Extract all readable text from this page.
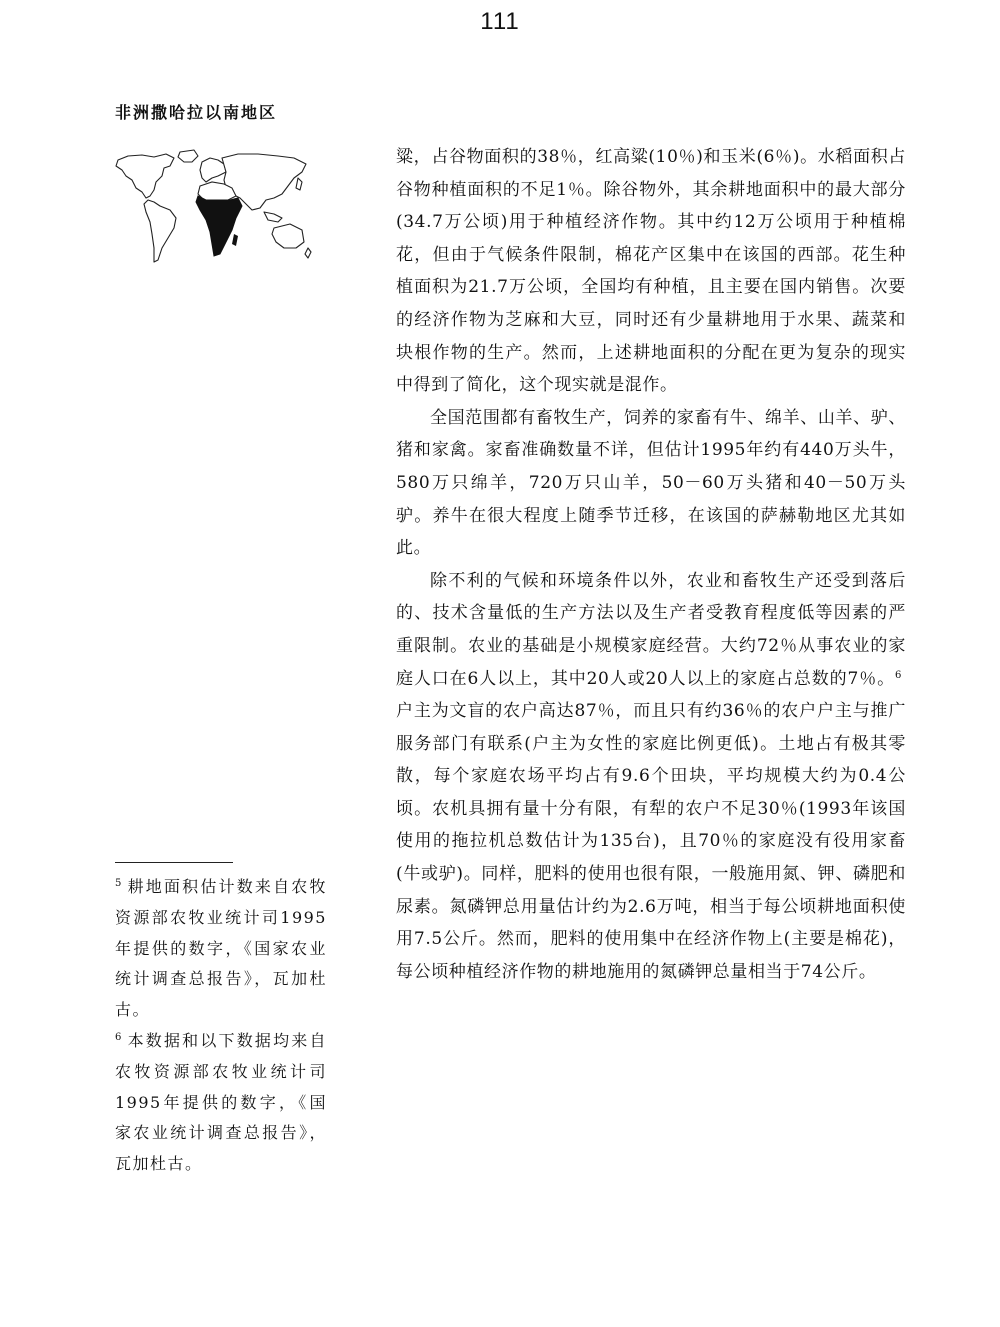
111
非洲撒哈拉以南地区

粱，占谷物面积的38％，红高粱(10％)和玉米(6％)。水稻面积占谷物种植面积的不足1％。除谷物外，其余耕地面积中的最大部分(34.7万公顷)用于种植经济作物。其中约12万公顷用于种植棉花，但由于气候条件限制，棉花产区集中在该国的西部。花生种植面积为21.7万公顷，全国均有种植，且主要在国内销售。次要的经济作物为芝麻和大豆，同时还有少量耕地用于水果、蔬菜和块根作物的生产。然而，上述耕地面积的分配在更为复杂的现实中得到了简化，这个现实就是混作。

全国范围都有畜牧生产，饲养的家畜有牛、绵羊、山羊、驴、猪和家禽。家畜准确数量不详，但估计1995年约有440万头牛，580万只绵羊，720万只山羊，50－60万头猪和40－50万头驴。养牛在很大程度上随季节迁移，在该国的萨赫勒地区尤其如此。

除不利的气候和环境条件以外，农业和畜牧生产还受到落后的、技术含量低的生产方法以及生产者受教育程度低等因素的严重限制。农业的基础是小规模家庭经营。大约72％从事农业的家庭人口在6人以上，其中20人或20人以上的家庭占总数的7％。$^6$户主为文盲的农户高达87％，而且只有约36％的农户户主与推广服务部门有联系(户主为女性的家庭比例更低)。土地占有极其零散，每个家庭农场平均占有9.6个田块，平均规模大约为0.4公顷。农机具拥有量十分有限，有犁的农户不足30％(1993年该国使用的拖拉机总数估计为135台)，且70％的家庭没有役用家畜(牛或驴)。同样，肥料的使用也很有限，一般施用氮、钾、磷肥和尿素。氮磷钾总用量估计约为2.6万吨，相当于每公顷耕地面积使用7.5公斤。然而，肥料的使用集中在经济作物上(主要是棉花)，每公顷种植经济作物的耕地施用的氮磷钾总量相当于74公斤。

$^5$ 耕地面积估计数来自农牧资源部农牧业统计司1995年提供的数字，《国家农业统计调查总报告》，瓦加杜古。

$^6$ 本数据和以下数据均来自农牧资源部农牧业统计司1995年提供的数字，《国家农业统计调查总报告》，瓦加杜古。
